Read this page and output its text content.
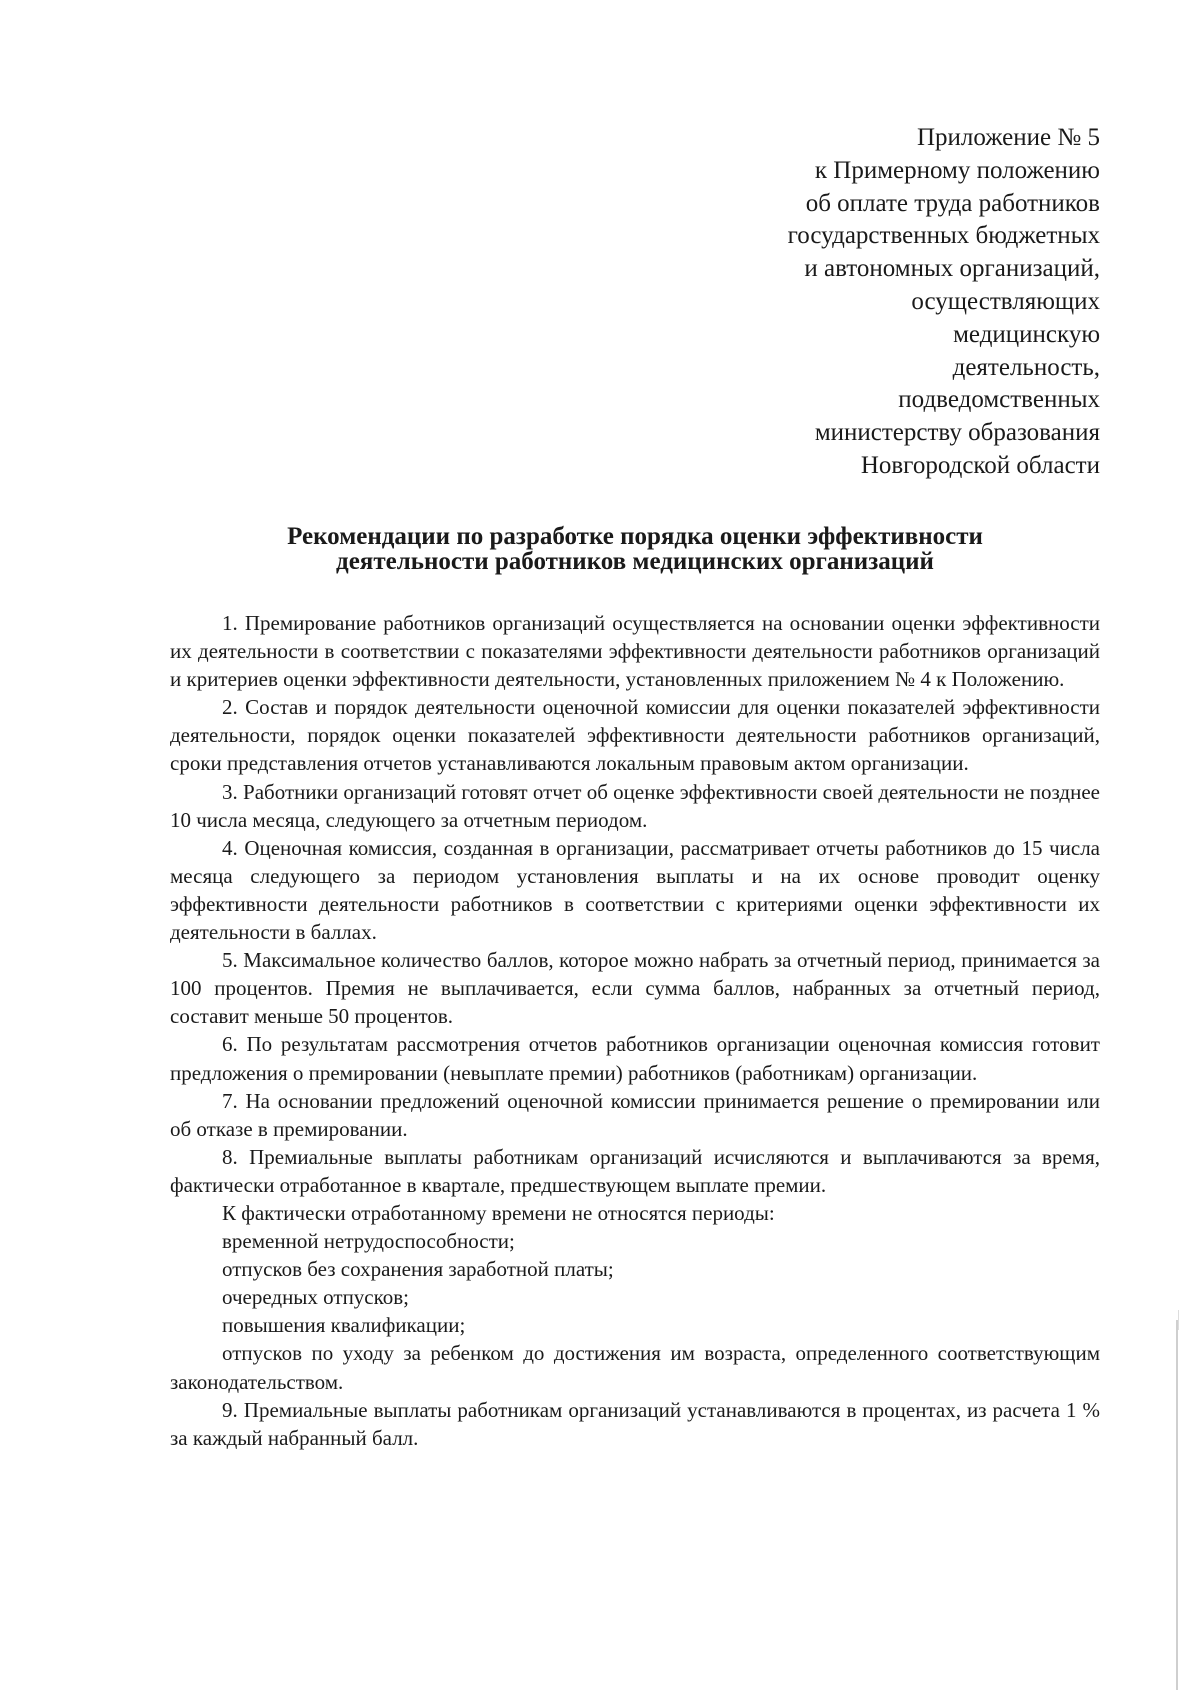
Приложение № 5
к Примерному положению
об оплате труда работников
государственных бюджетных
и автономных организаций,
осуществляющих
медицинскую
деятельность,
подведомственных
министерству образования
Новгородской области
Рекомендации по разработке порядка оценки эффективности
деятельности работников медицинских организаций

1. Премирование работников организаций осуществляется на основании оценки эффективности их деятельности в соответствии с показателями эффективности деятельности работников организаций и критериев оценки эффективности деятельности, установленных приложением № 4 к Положению.

2. Состав и порядок деятельности оценочной комиссии для оценки показателей эффективности деятельности, порядок оценки показателей эффективности деятельности работников организаций, сроки представления отчетов устанавливаются локальным правовым актом организации.

3. Работники организаций готовят отчет об оценке эффективности своей деятельности не позднее 10 числа месяца, следующего за отчетным периодом.

4. Оценочная комиссия, созданная в организации, рассматривает отчеты работников до 15 числа месяца следующего за периодом установления выплаты и на их основе проводит оценку эффективности деятельности работников в соответствии с критериями оценки эффективности их деятельности в баллах.

5. Максимальное количество баллов, которое можно набрать за отчетный период, принимается за 100 процентов. Премия не выплачивается, если сумма баллов, набранных за отчетный период, составит меньше 50 процентов.

6. По результатам рассмотрения отчетов работников организации оценочная комиссия готовит предложения о премировании (невыплате премии) работников (работникам) организации.

7. На основании предложений оценочной комиссии принимается решение о премировании или об отказе в премировании.

8. Премиальные выплаты работникам организаций исчисляются и выплачиваются за время, фактически отработанное в квартале, предшествующем выплате премии.

К фактически отработанному времени не относятся периоды:

временной нетрудоспособности;

отпусков без сохранения заработной платы;

очередных отпусков;

повышения квалификации;

отпусков по уходу за ребенком до достижения им возраста, определенного соответствующим законодательством.

9. Премиальные выплаты работникам организаций устанавливаются в процентах, из расчета 1 % за каждый набранный балл.
